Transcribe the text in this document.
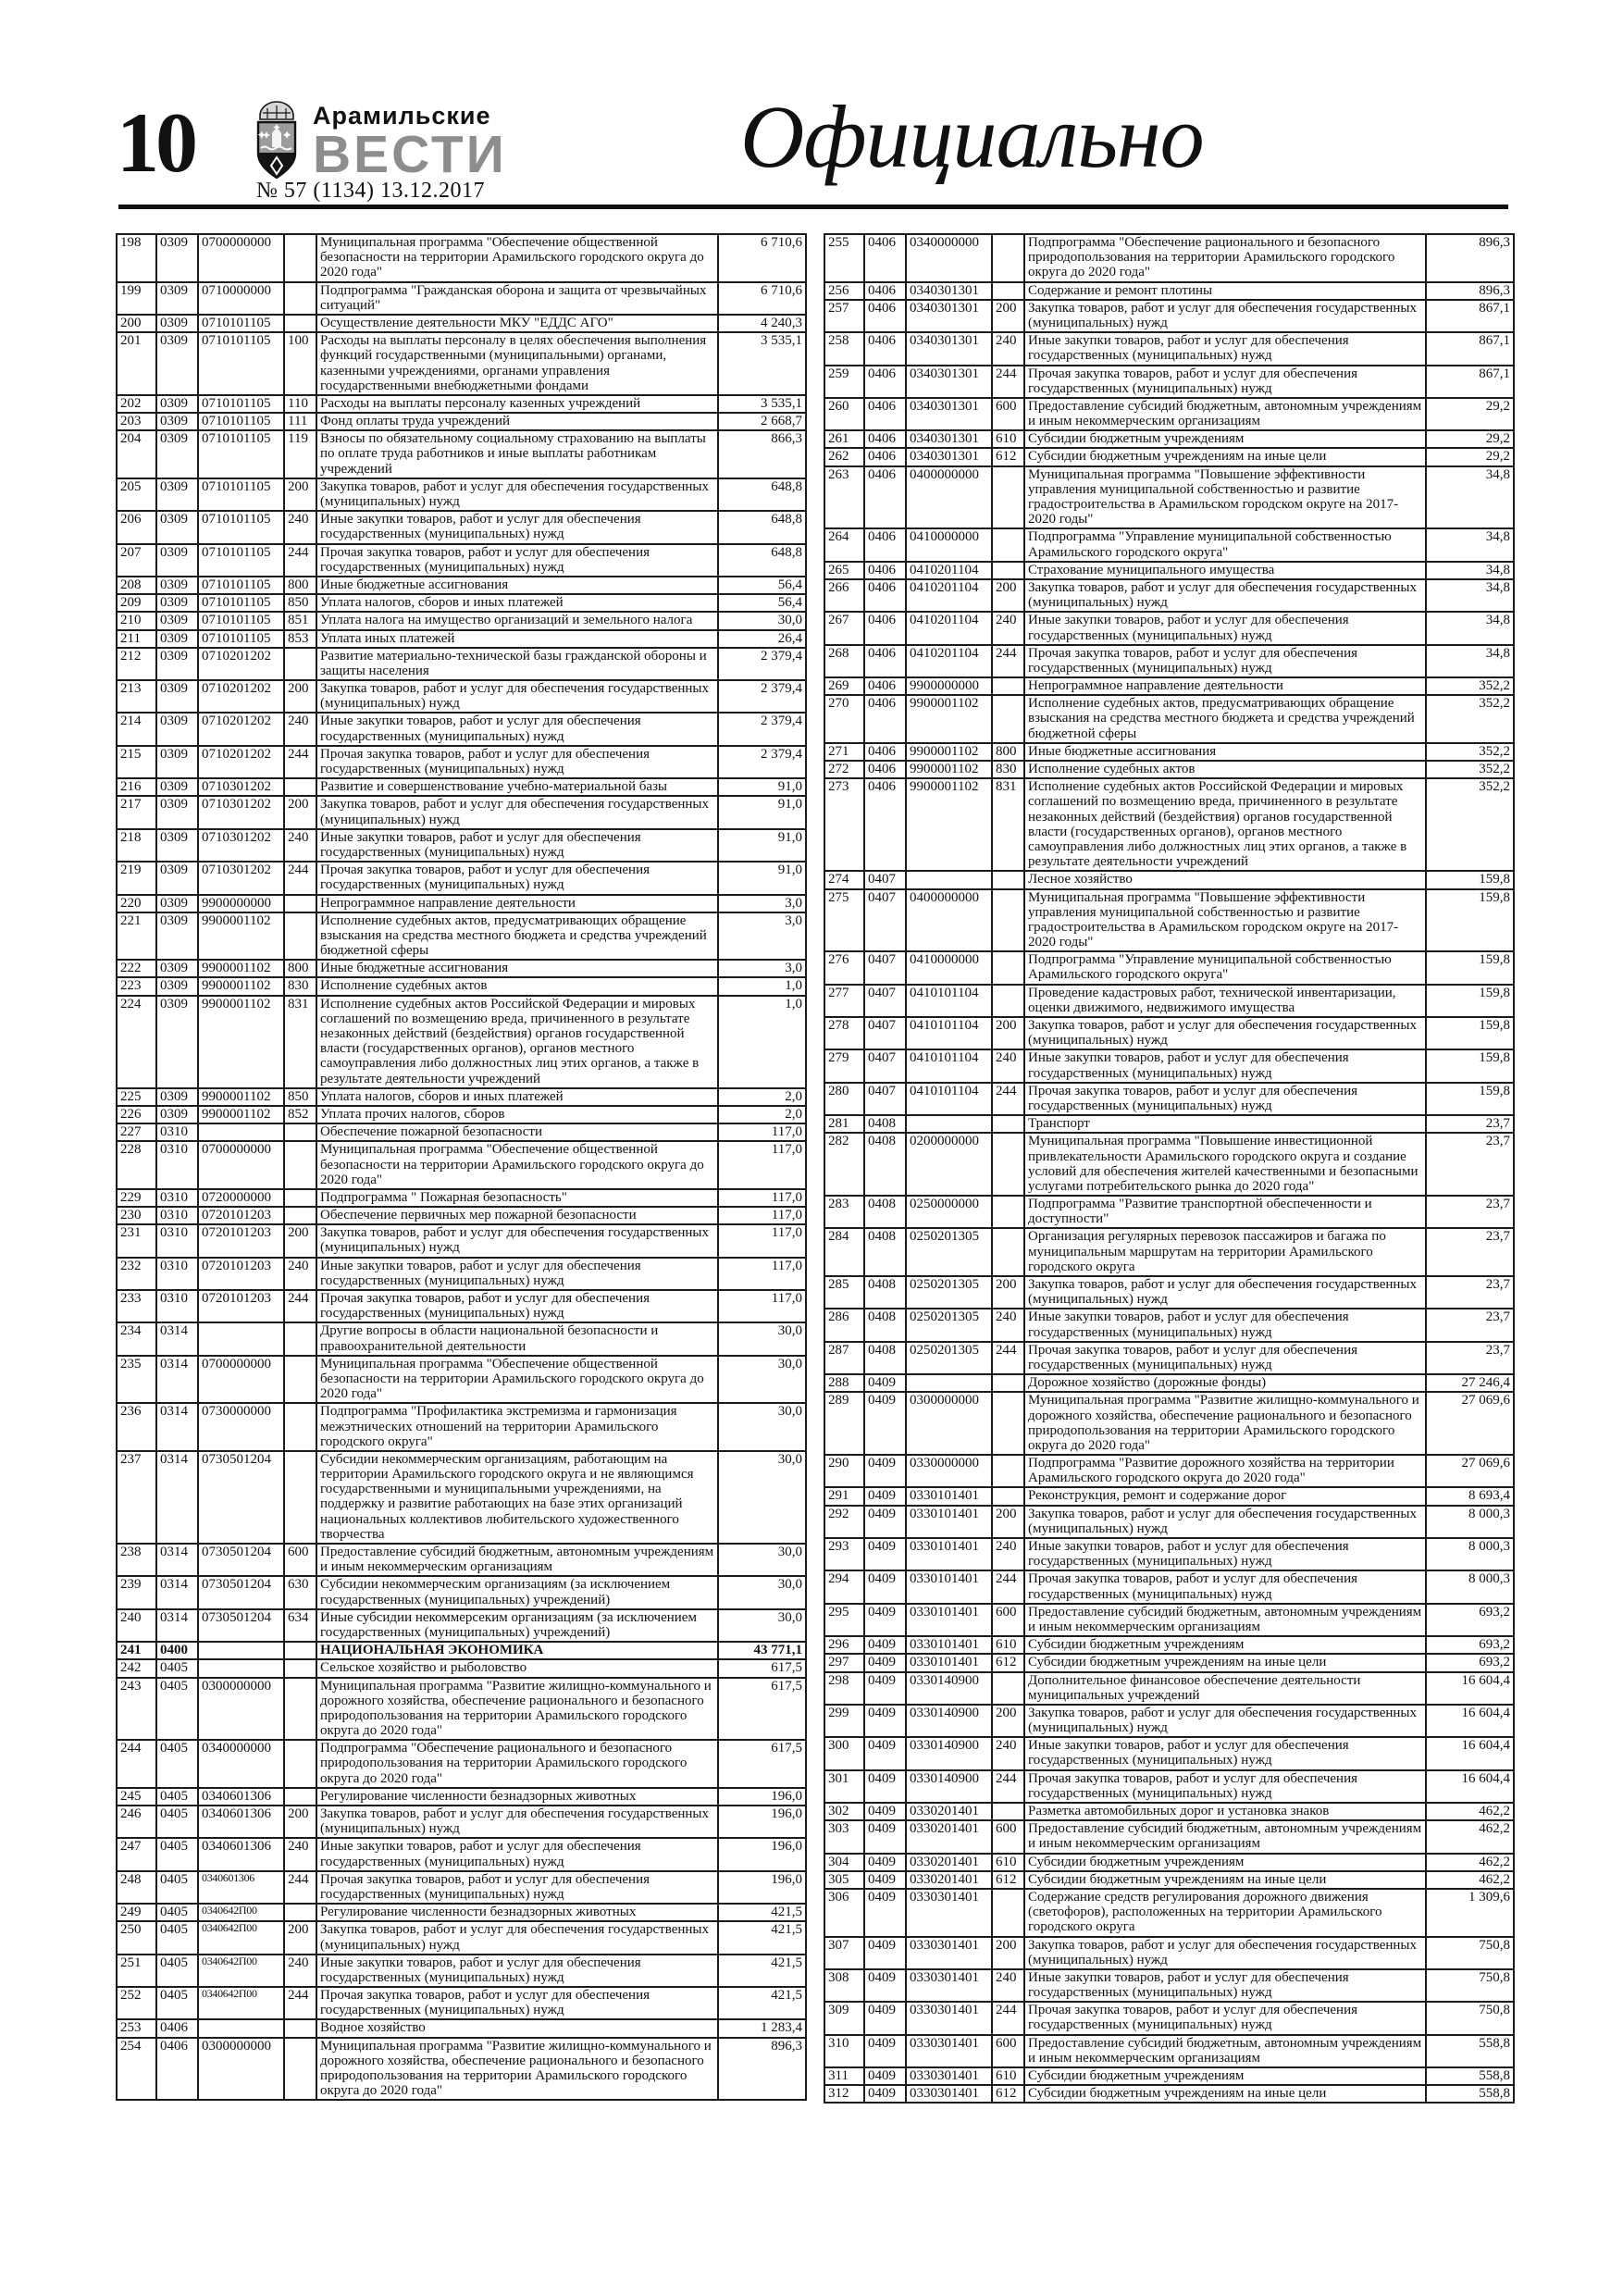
10	Арамильские
ВЕСТИ
№ 57 (1134) 13.12.2017
Официально
198	0309	0700000000		Муниципальная программа "Обеспечение общественной безопасности на территории Арамильского городского округа до 2020 года"	6 710,6
199	0309	0710000000		Подпрограмма "Гражданская оборона и защита от чрезвычайных ситуаций"	6 710,6
200	0309	0710101105		Осуществление деятельности МКУ "ЕДДС АГО"	4 240,3
201	0309	0710101105	100	Расходы на выплаты персоналу в целях обеспечения выполнения функций государственными (муниципальными) органами, казенными учреждениями, органами управления государственными внебюджетными фондами	3 535,1
202	0309	0710101105	110	Расходы на выплаты персоналу казенных учреждений	3 535,1
203	0309	0710101105	111	Фонд оплаты труда учреждений	2 668,7
204	0309	0710101105	119	Взносы по обязательному социальному страхованию на выплаты по оплате труда работников и иные выплаты работникам учреждений	866,3
205	0309	0710101105	200	Закупка товаров, работ и услуг для обеспечения государственных (муниципальных) нужд	648,8
206	0309	0710101105	240	Иные закупки товаров, работ и услуг для обеспечения государственных (муниципальных) нужд	648,8
207	0309	0710101105	244	Прочая закупка товаров, работ и услуг для обеспечения государственных (муниципальных) нужд	648,8
208	0309	0710101105	800	Иные бюджетные ассигнования	56,4
209	0309	0710101105	850	Уплата налогов, сборов и иных платежей	56,4
210	0309	0710101105	851	Уплата налога на имущество организаций и земельного налога	30,0
211	0309	0710101105	853	Уплата иных платежей	26,4
212	0309	0710201202		Развитие материально-технической базы гражданской обороны и защиты населения	2 379,4
213	0309	0710201202	200	Закупка товаров, работ и услуг для обеспечения государственных (муниципальных) нужд	2 379,4
214	0309	0710201202	240	Иные закупки товаров, работ и услуг для обеспечения государственных (муниципальных) нужд	2 379,4
215	0309	0710201202	244	Прочая закупка товаров, работ и услуг для обеспечения государственных (муниципальных) нужд	2 379,4
216	0309	0710301202		Развитие и совершенствование учебно-материальной базы	91,0
217	0309	0710301202	200	Закупка товаров, работ и услуг для обеспечения государственных (муниципальных) нужд	91,0
218	0309	0710301202	240	Иные закупки товаров, работ и услуг для обеспечения государственных (муниципальных) нужд	91,0
219	0309	0710301202	244	Прочая закупка товаров, работ и услуг для обеспечения государственных (муниципальных) нужд	91,0
220	0309	9900000000		Непрограммное направление деятельности	3,0
221	0309	9900001102		Исполнение судебных актов, предусматривающих обращение взыскания на средства местного бюджета и средства учреждений бюджетной сферы	3,0
222	0309	9900001102	800	Иные бюджетные ассигнования	3,0
223	0309	9900001102	830	Исполнение судебных актов	1,0
224	0309	9900001102	831	Исполнение судебных актов Российской Федерации и мировых соглашений по возмещению вреда, причиненного в результате незаконных действий (бездействия) органов государственной власти (государственных органов), органов местного самоуправления либо должностных лиц этих органов, а также в результате деятельности учреждений	1,0
225	0309	9900001102	850	Уплата налогов, сборов и иных платежей	2,0
226	0309	9900001102	852	Уплата прочих налогов, сборов	2,0
227	0310			Обеспечение пожарной безопасности	117,0
228	0310	0700000000		Муниципальная программа "Обеспечение общественной безопасности на территории Арамильского городского округа до 2020 года"	117,0
229	0310	0720000000		Подпрограмма " Пожарная безопасность"	117,0
230	0310	0720101203		Обеспечение первичных мер пожарной безопасности	117,0
231	0310	0720101203	200	Закупка товаров, работ и услуг для обеспечения государственных (муниципальных) нужд	117,0
232	0310	0720101203	240	Иные закупки товаров, работ и услуг для обеспечения государственных (муниципальных) нужд	117,0
233	0310	0720101203	244	Прочая закупка товаров, работ и услуг для обеспечения государственных (муниципальных) нужд	117,0
234	0314			Другие вопросы в области национальной безопасности и правоохранительной деятельности	30,0
235	0314	0700000000		Муниципальная программа "Обеспечение общественной безопасности на территории Арамильского городского округа до 2020 года"	30,0
236	0314	0730000000		Подпрограмма "Профилактика экстремизма и гармонизация межэтнических отношений на территории Арамильского городского округа"	30,0
237	0314	0730501204		Субсидии некоммерческим организациям, работающим на территории Арамильского городского округа и не являющимся государственными и муниципальными учреждениями, на поддержку и развитие работающих на базе этих организаций национальных коллективов любительского художественного творчества	30,0
238	0314	0730501204	600	Предоставление субсидий бюджетным, автономным учреждениям и иным некоммерческим организациям	30,0
239	0314	0730501204	630	Субсидии некоммерческим организациям (за исключением государственных (муниципальных) учреждений)	30,0
240	0314	0730501204	634	Иные субсидии некоммерсеким организациям (за исключением государственных (муниципальных) учреждений)	30,0
241	0400			НАЦИОНАЛЬНАЯ ЭКОНОМИКА	43 771,1
242	0405			Сельское хозяйство и рыболовство	617,5
243	0405	0300000000		Муниципальная программа "Развитие жилищно-коммунального и дорожного хозяйства, обеспечение рационального и безопасного природопользования на территории Арамильского городского округа до 2020 года"	617,5
244	0405	0340000000		Подпрограмма "Обеспечение рационального и безопасного природопользования на территории Арамильского городского округа до 2020 года"	617,5
245	0405	0340601306		Регулирование численности безнадзорных животных	196,0
246	0405	0340601306	200	Закупка товаров, работ и услуг для обеспечения государственных (муниципальных) нужд	196,0
247	0405	0340601306	240	Иные закупки товаров, работ и услуг для обеспечения государственных (муниципальных) нужд	196,0
248	0405	0340601306	244	Прочая закупка товаров, работ и услуг для обеспечения государственных (муниципальных) нужд	196,0
249	0405	0340642П00		Регулирование численности безнадзорных животных	421,5
250	0405	0340642П00	200	Закупка товаров, работ и услуг для обеспечения государственных (муниципальных) нужд	421,5
251	0405	0340642П00	240	Иные закупки товаров, работ и услуг для обеспечения государственных (муниципальных) нужд	421,5
252	0405	0340642П00	244	Прочая закупка товаров, работ и услуг для обеспечения государственных (муниципальных) нужд	421,5
253	0406			Водное хозяйство	1 283,4
254	0406	0300000000		Муниципальная программа "Развитие жилищно-коммунального и дорожного хозяйства, обеспечение рационального и безопасного природопользования на территории Арамильского городского округа до 2020 года"	896,3
255	0406	0340000000		Подпрограмма "Обеспечение рационального и безопасного природопользования на территории Арамильского городского округа до 2020 года"	896,3
256	0406	0340301301		Содержание и ремонт плотины	896,3
257	0406	0340301301	200	Закупка товаров, работ и услуг для обеспечения государственных (муниципальных) нужд	867,1
258	0406	0340301301	240	Иные закупки товаров, работ и услуг для обеспечения государственных (муниципальных) нужд	867,1
259	0406	0340301301	244	Прочая закупка товаров, работ и услуг для обеспечения государственных (муниципальных) нужд	867,1
260	0406	0340301301	600	Предоставление субсидий бюджетным, автономным учреждениям и иным некоммерческим организациям	29,2
261	0406	0340301301	610	Субсидии бюджетным учреждениям	29,2
262	0406	0340301301	612	Субсидии бюджетным учреждениям на иные цели	29,2
263	0406	0400000000		Муниципальная программа "Повышение эффективности управления муниципальной собственностью и развитие градостроительства в Арамильском городском округе на 2017-2020 годы"	34,8
264	0406	0410000000		Подпрограмма "Управление муниципальной собственностью Арамильского городского округа"	34,8
265	0406	0410201104		Страхование муниципального имущества	34,8
266	0406	0410201104	200	Закупка товаров, работ и услуг для обеспечения государственных (муниципальных) нужд	34,8
267	0406	0410201104	240	Иные закупки товаров, работ и услуг для обеспечения государственных (муниципальных) нужд	34,8
268	0406	0410201104	244	Прочая закупка товаров, работ и услуг для обеспечения государственных (муниципальных) нужд	34,8
269	0406	9900000000		Непрограммное направление деятельности	352,2
270	0406	9900001102		Исполнение судебных актов, предусматривающих обращение взыскания на средства местного бюджета и средства учреждений бюджетной сферы	352,2
271	0406	9900001102	800	Иные бюджетные ассигнования	352,2
272	0406	9900001102	830	Исполнение судебных актов	352,2
273	0406	9900001102	831	Исполнение судебных актов Российской Федерации и мировых соглашений по возмещению вреда, причиненного в результате незаконных действий (бездействия) органов государственной власти (государственных органов), органов местного самоуправления либо должностных лиц этих органов, а также в результате деятельности учреждений	352,2
274	0407			Лесное хозяйство	159,8
275	0407	0400000000		Муниципальная программа "Повышение эффективности управления муниципальной собственностью и развитие градостроительства в Арамильском городском округе на 2017-2020 годы"	159,8
276	0407	0410000000		Подпрограмма "Управление муниципальной собственностью Арамильского городского округа"	159,8
277	0407	0410101104		Проведение кадастровых работ, технической инвентаризации, оценки движимого, недвижимого имущества	159,8
278	0407	0410101104	200	Закупка товаров, работ и услуг для обеспечения государственных (муниципальных) нужд	159,8
279	0407	0410101104	240	Иные закупки товаров, работ и услуг для обеспечения государственных (муниципальных) нужд	159,8
280	0407	0410101104	244	Прочая закупка товаров, работ и услуг для обеспечения государственных (муниципальных) нужд	159,8
281	0408			Транспорт	23,7
282	0408	0200000000		Муниципальная программа "Повышение инвестиционной привлекательности Арамильского городского округа и создание условий для обеспечения жителей качественными и безопасными услугами потребительского рынка до 2020 года"	23,7
283	0408	0250000000		Подпрограмма "Развитие транспортной обеспеченности и доступности"	23,7
284	0408	0250201305		Организация регулярных перевозок пассажиров и багажа по муниципальным маршрутам на территории Арамильского городского округа	23,7
285	0408	0250201305	200	Закупка товаров, работ и услуг для обеспечения государственных (муниципальных) нужд	23,7
286	0408	0250201305	240	Иные закупки товаров, работ и услуг для обеспечения государственных (муниципальных) нужд	23,7
287	0408	0250201305	244	Прочая закупка товаров, работ и услуг для обеспечения государственных (муниципальных) нужд	23,7
288	0409			Дорожное хозяйство (дорожные фонды)	27 246,4
289	0409	0300000000		Муниципальная программа "Развитие жилищно-коммунального и дорожного хозяйства, обеспечение рационального и безопасного природопользования на территории Арамильского городского округа до 2020 года"	27 069,6
290	0409	0330000000		Подпрограмма "Развитие дорожного хозяйства на территории Арамильского городского округа до 2020 года"	27 069,6
291	0409	0330101401		Реконструкция, ремонт и содержание дорог	8 693,4
292	0409	0330101401	200	Закупка товаров, работ и услуг для обеспечения государственных (муниципальных) нужд	8 000,3
293	0409	0330101401	240	Иные закупки товаров, работ и услуг для обеспечения государственных (муниципальных) нужд	8 000,3
294	0409	0330101401	244	Прочая закупка товаров, работ и услуг для обеспечения государственных (муниципальных) нужд	8 000,3
295	0409	0330101401	600	Предоставление субсидий бюджетным, автономным учреждениям и иным некоммерческим организациям	693,2
296	0409	0330101401	610	Субсидии бюджетным учреждениям	693,2
297	0409	0330101401	612	Субсидии бюджетным учреждениям на иные цели	693,2
298	0409	0330140900		Дополнительное финансовое обеспечение деятельности муниципальных учреждений	16 604,4
299	0409	0330140900	200	Закупка товаров, работ и услуг для обеспечения государственных (муниципальных) нужд	16 604,4
300	0409	0330140900	240	Иные закупки товаров, работ и услуг для обеспечения государственных (муниципальных) нужд	16 604,4
301	0409	0330140900	244	Прочая закупка товаров, работ и услуг для обеспечения государственных (муниципальных) нужд	16 604,4
302	0409	0330201401		Разметка автомобильных дорог и установка знаков	462,2
303	0409	0330201401	600	Предоставление субсидий бюджетным, автономным учреждениям и иным некоммерческим организациям	462,2
304	0409	0330201401	610	Субсидии бюджетным учреждениям	462,2
305	0409	0330201401	612	Субсидии бюджетным учреждениям на иные цели	462,2
306	0409	0330301401		Содержание средств регулирования дорожного движения (светофоров), расположенных на территории Арамильского городского округа	1 309,6
307	0409	0330301401	200	Закупка товаров, работ и услуг для обеспечения государственных (муниципальных) нужд	750,8
308	0409	0330301401	240	Иные закупки товаров, работ и услуг для обеспечения государственных (муниципальных) нужд	750,8
309	0409	0330301401	244	Прочая закупка товаров, работ и услуг для обеспечения государственных (муниципальных) нужд	750,8
310	0409	0330301401	600	Предоставление субсидий бюджетным, автономным учреждениям и иным некоммерческим организациям	558,8
311	0409	0330301401	610	Субсидии бюджетным учреждениям	558,8
312	0409	0330301401	612	Субсидии бюджетным учреждениям на иные цели	558,8
